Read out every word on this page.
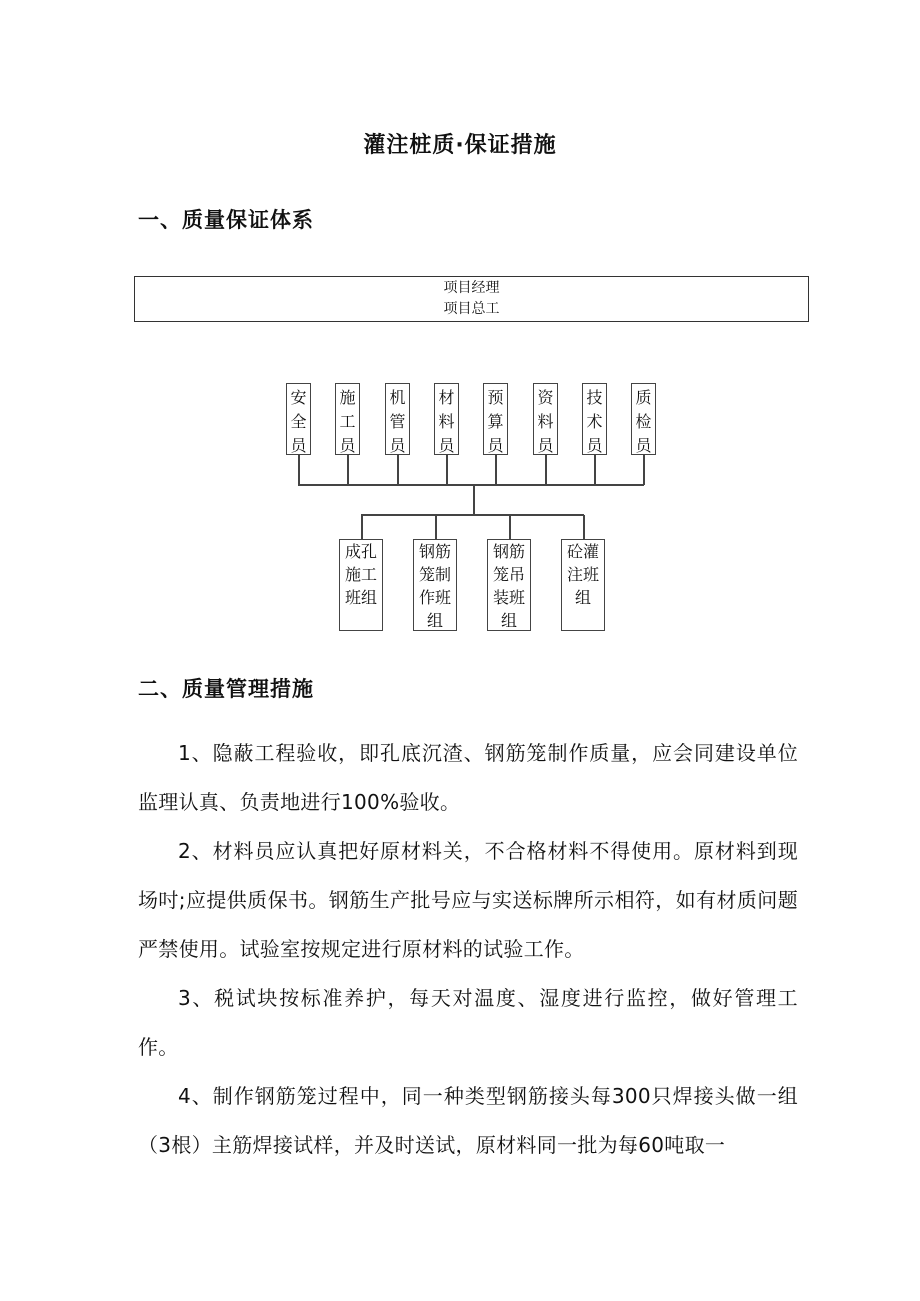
灌注桩质·保证措施
一、质量保证体系
项目经理
项目总工
安
全
员
施
工
员
机
管
员
材
料
员
预
算
员
资
料
员
技
术
员
质
检
员
成孔
施工
班组
钢筋
笼制
作班
组
钢筋
笼吊
装班
组
砼灌
注班
组
二、质量管理措施
1、隐蔽工程验收，即孔底沉渣、钢筋笼制作质量，应会同建设单位监理认真、负责地进行100%验收。
2、材料员应认真把好原材料关，不合格材料不得使用。原材料到现场吋;应提供质保书。钢筋生产批号应与实送标牌所示相符，如有材质问题严禁使用。试验室按规定进行原材料的试验工作。
3、税试块按标准养护，每天对温度、湿度进行监控，做好管理工作。
4、制作钢筋笼过程中，同一种类型钢筋接头每300只焊接头做一组（3根）主筋焊接试样，并及时送试，原材料同一批为每60吨取一
